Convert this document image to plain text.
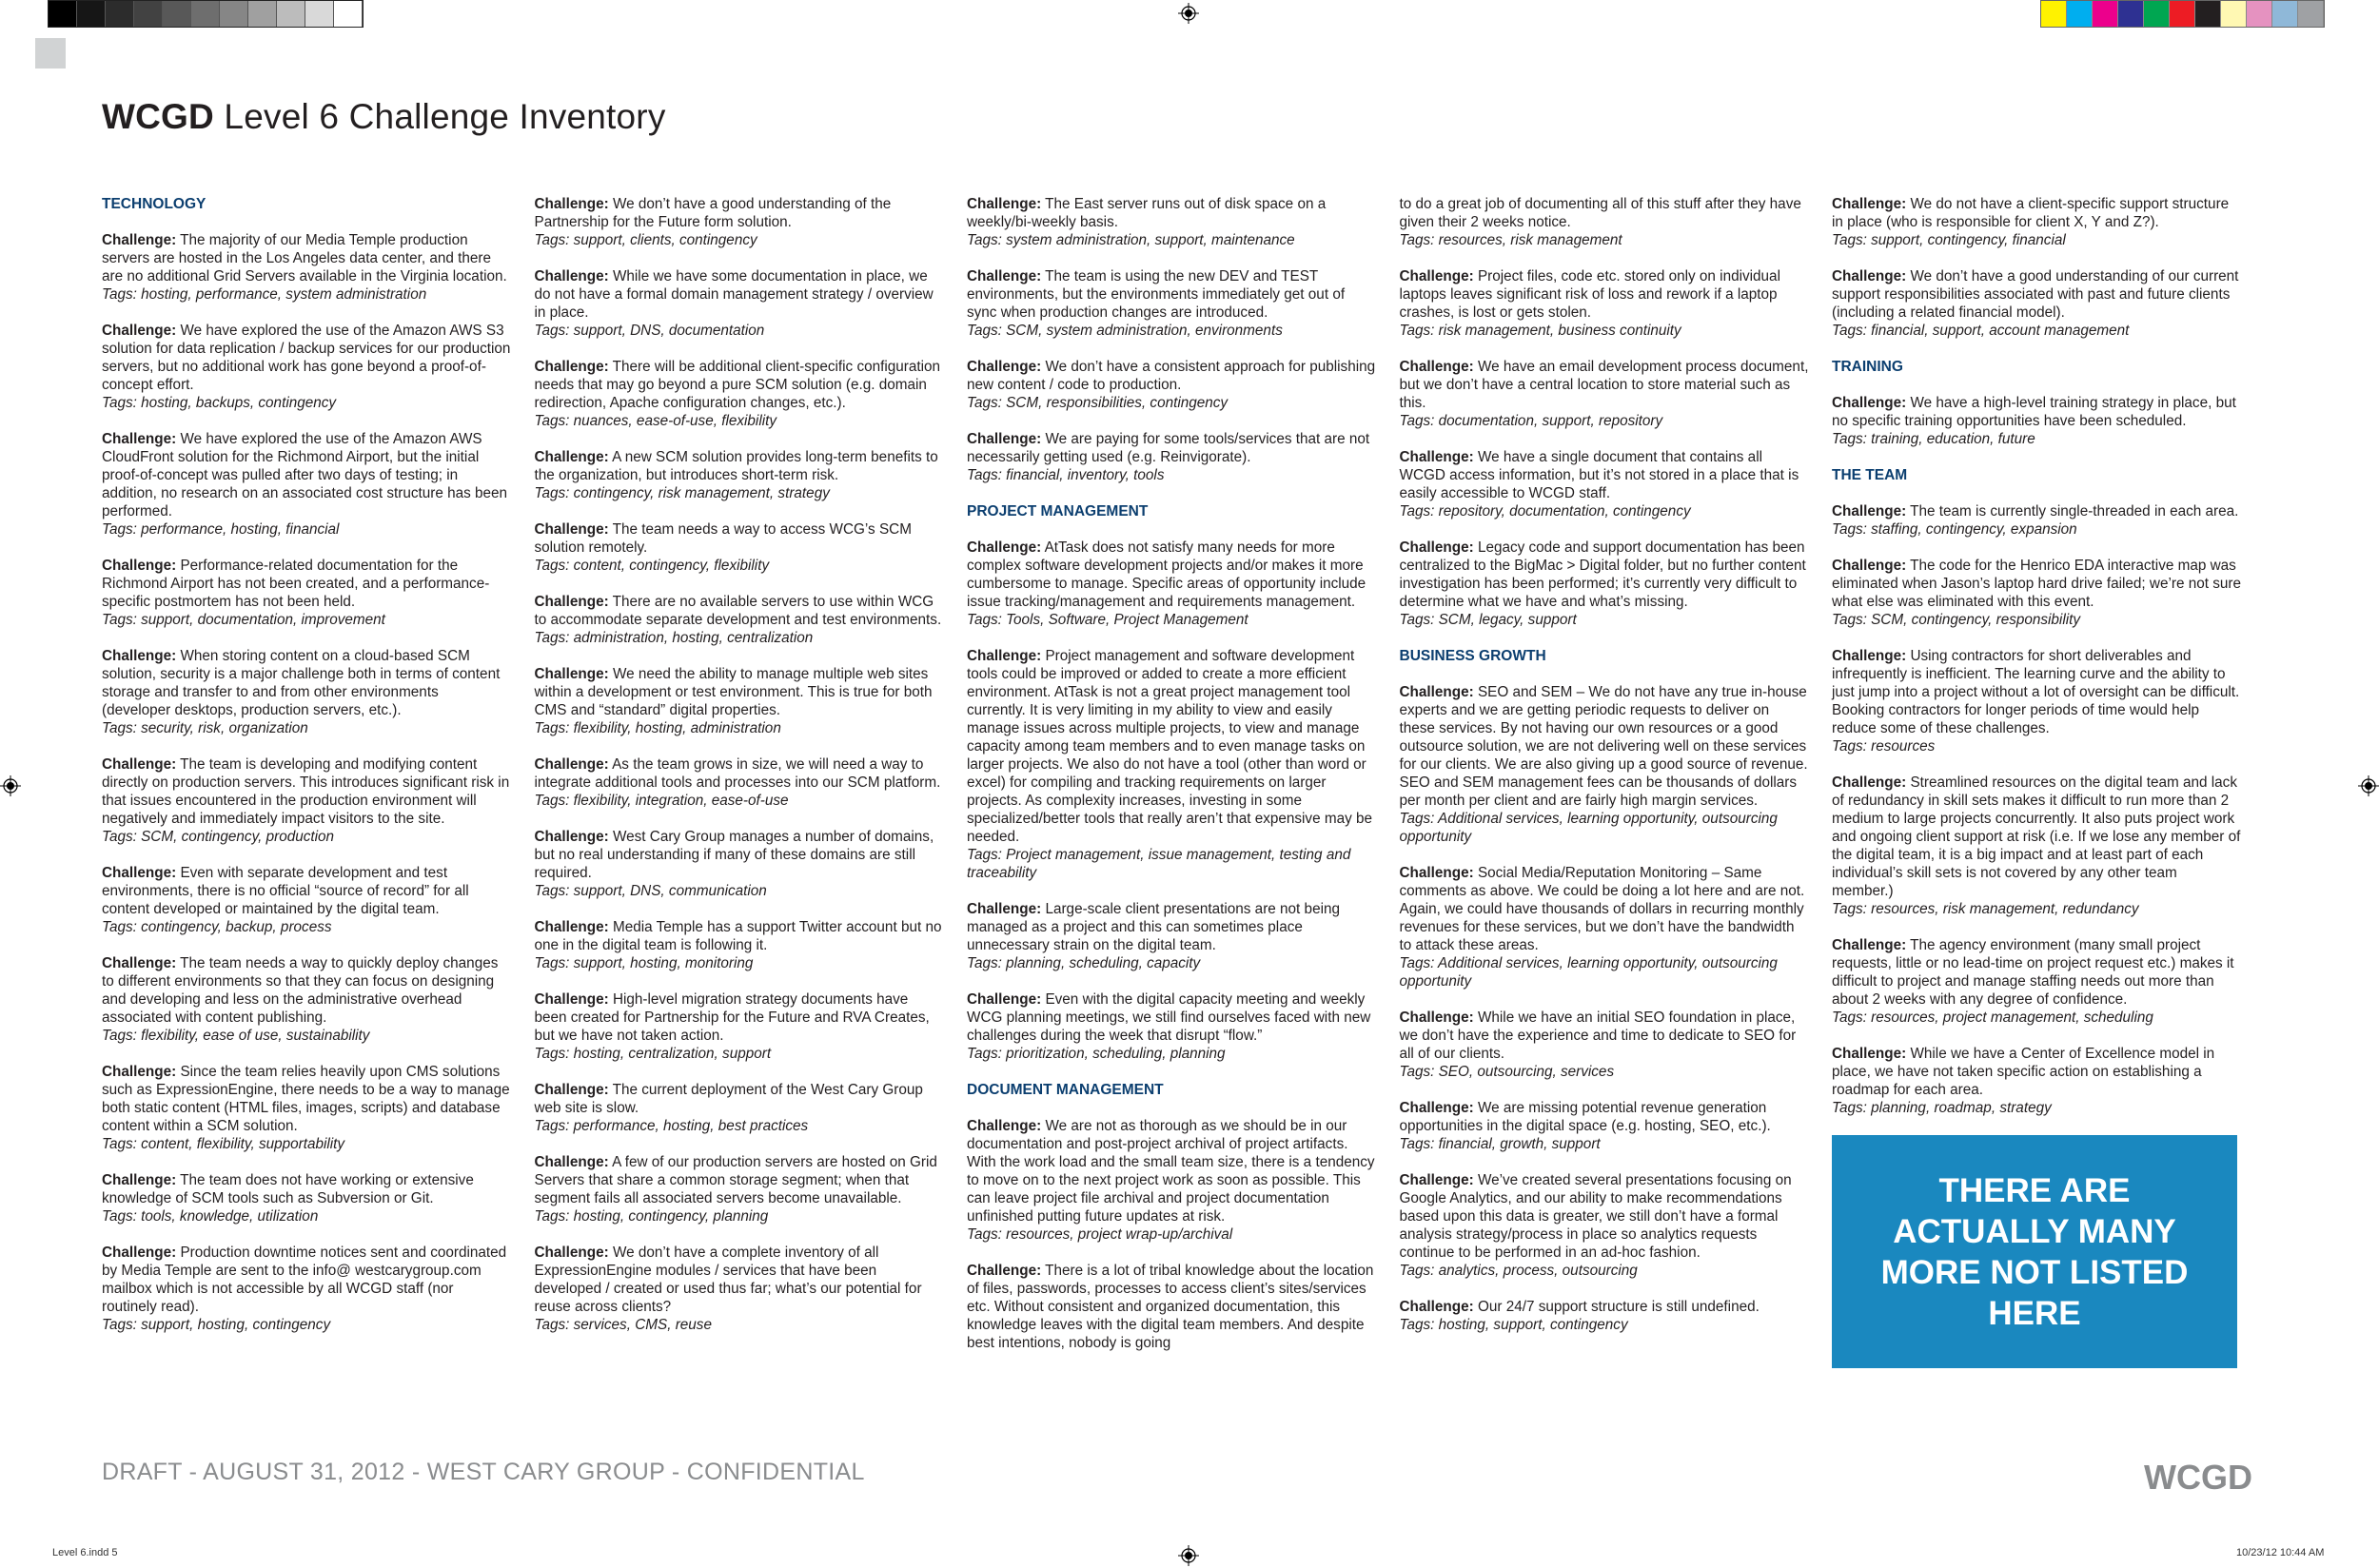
WCGD Level 6 Challenge Inventory
TECHNOLOGY
Challenge: The majority of our Media Temple production servers are hosted in the Los Angeles data center, and there are no additional Grid Servers available in the Virginia location.
Tags: hosting, performance, system administration
Challenge: We have explored the use of the Amazon AWS S3 solution for data replication / backup services for our production servers, but no additional work has gone beyond a proof-of-concept effort.
Tags: hosting, backups, contingency
Challenge: We have explored the use of the Amazon AWS CloudFront solution for the Richmond Airport, but the initial proof-of-concept was pulled after two days of testing; in addition, no research on an associated cost structure has been performed.
Tags: performance, hosting, financial
Challenge: Performance-related documentation for the Richmond Airport has not been created, and a performance-specific postmortem has not been held.
Tags: support, documentation, improvement
Challenge: When storing content on a cloud-based SCM solution, security is a major challenge both in terms of content storage and transfer to and from other environments (developer desktops, production servers, etc.).
Tags: security, risk, organization
Challenge: The team is developing and modifying content directly on production servers. This introduces significant risk in that issues encountered in the production environment will negatively and immediately impact visitors to the site.
Tags: SCM, contingency, production
Challenge: Even with separate development and test environments, there is no official “source of record” for all content developed or maintained by the digital team.
Tags: contingency, backup, process
Challenge: The team needs a way to quickly deploy changes to different environments so that they can focus on designing and developing and less on the administrative overhead associated with content publishing.
Tags: flexibility, ease of use, sustainability
Challenge: Since the team relies heavily upon CMS solutions such as ExpressionEngine, there needs to be a way to manage both static content (HTML files, images, scripts) and database content within a SCM solution.
Tags: content, flexibility, supportability
Challenge: The team does not have working or extensive knowledge of SCM tools such as Subversion or Git.
Tags: tools, knowledge, utilization
Challenge: Production downtime notices sent and coordinated by Media Temple are sent to the info@ westcarygroup.com mailbox which is not accessible by all WCGD staff (nor routinely read).
Tags: support, hosting, contingency
Challenge: We don’t have a good understanding of the Partnership for the Future form solution.
Tags: support, clients, contingency
Challenge: While we have some documentation in place, we do not have a formal domain management strategy / overview in place.
Tags: support, DNS, documentation
Challenge: There will be additional client-specific configuration needs that may go beyond a pure SCM solution (e.g. domain redirection, Apache configuration changes, etc.).
Tags: nuances, ease-of-use, flexibility
Challenge: A new SCM solution provides long-term benefits to the organization, but introduces short-term risk.
Tags: contingency, risk management, strategy
Challenge: The team needs a way to access WCG’s SCM solution remotely.
Tags: content, contingency, flexibility
Challenge: There are no available servers to use within WCG to accommodate separate development and test environments.
Tags: administration, hosting, centralization
Challenge: We need the ability to manage multiple web sites within a development or test environment. This is true for both CMS and “standard” digital properties.
Tags: flexibility, hosting, administration
Challenge: As the team grows in size, we will need a way to integrate additional tools and processes into our SCM platform.
Tags: flexibility, integration, ease-of-use
Challenge: West Cary Group manages a number of domains, but no real understanding if many of these domains are still required.
Tags: support, DNS, communication
Challenge: Media Temple has a support Twitter account but no one in the digital team is following it.
Tags: support, hosting, monitoring
Challenge: High-level migration strategy documents have been created for Partnership for the Future and RVA Creates, but we have not taken action.
Tags: hosting, centralization, support
Challenge: The current deployment of the West Cary Group web site is slow.
Tags: performance, hosting, best practices
Challenge: A few of our production servers are hosted on Grid Servers that share a common storage segment; when that segment fails all associated servers become unavailable.
Tags: hosting, contingency, planning
Challenge: We don’t have a complete inventory of all ExpressionEngine modules / services that have been developed / created or used thus far; what’s our potential for reuse across clients?
Tags: services, CMS, reuse
Challenge: The East server runs out of disk space on a weekly/bi-weekly basis.
Tags: system administration, support, maintenance
Challenge: The team is using the new DEV and TEST environments, but the environments immediately get out of sync when production changes are introduced.
Tags: SCM, system administration, environments
Challenge: We don’t have a consistent approach for publishing new content / code to production.
Tags: SCM, responsibilities, contingency
Challenge: We are paying for some tools/services that are not necessarily getting used (e.g. Reinvigorate).
Tags: financial, inventory, tools
PROJECT MANAGEMENT
Challenge: AtTask does not satisfy many needs for more complex software development projects and/or makes it more cumbersome to manage. Specific areas of opportunity include issue tracking/management and requirements management.
Tags: Tools, Software, Project Management
Challenge: Project management and software development tools could be improved or added to create a more efficient environment. AtTask is not a great project management tool currently. It is very limiting in my ability to view and easily manage issues across multiple projects, to view and manage capacity among team members and to even manage tasks on larger projects. We also do not have a tool (other than word or excel) for compiling and tracking requirements on larger projects. As complexity increases, investing in some specialized/better tools that really aren’t that expensive may be needed.
Tags: Project management, issue management, testing and traceability
Challenge: Large-scale client presentations are not being managed as a project and this can sometimes place unnecessary strain on the digital team.
Tags: planning, scheduling, capacity
Challenge: Even with the digital capacity meeting and weekly WCG planning meetings, we still find ourselves faced with new challenges during the week that disrupt “flow.”
Tags: prioritization, scheduling, planning
DOCUMENT MANAGEMENT
Challenge: We are not as thorough as we should be in our documentation and post-project archival of project artifacts. With the work load and the small team size, there is a tendency to move on to the next project work as soon as possible. This can leave project file archival and project documentation unfinished putting future updates at risk.
Tags: resources, project wrap-up/archival
Challenge: There is a lot of tribal knowledge about the location of files, passwords, processes to access client’s sites/services etc. Without consistent and organized documentation, this knowledge leaves with the digital team members. And despite best intentions, nobody is going
to do a great job of documenting all of this stuff after they have given their 2 weeks notice.
Tags: resources, risk management
Challenge: Project files, code etc. stored only on individual laptops leaves significant risk of loss and rework if a laptop crashes, is lost or gets stolen.
Tags: risk management, business continuity
Challenge: We have an email development process document, but we don’t have a central location to store material such as this.
Tags: documentation, support, repository
Challenge: We have a single document that contains all WCGD access information, but it’s not stored in a place that is easily accessible to WCGD staff.
Tags: repository, documentation, contingency
Challenge: Legacy code and support documentation has been centralized to the BigMac > Digital folder, but no further content investigation has been performed; it’s currently very difficult to determine what we have and what’s missing.
Tags: SCM, legacy, support
BUSINESS GROWTH
Challenge: SEO and SEM – We do not have any true in-house experts and we are getting periodic requests to deliver on these services. By not having our own resources or a good outsource solution, we are not delivering well on these services for our clients. We are also giving up a good source of revenue. SEO and SEM management fees can be thousands of dollars per month per client and are fairly high margin services.
Tags: Additional services, learning opportunity, outsourcing opportunity
Challenge: Social Media/Reputation Monitoring – Same comments as above. We could be doing a lot here and are not. Again, we could have thousands of dollars in recurring monthly revenues for these services, but we don’t have the bandwidth to attack these areas.
Tags: Additional services, learning opportunity, outsourcing opportunity
Challenge: While we have an initial SEO foundation in place, we don’t have the experience and time to dedicate to SEO for all of our clients.
Tags: SEO, outsourcing, services
Challenge: We are missing potential revenue generation opportunities in the digital space (e.g. hosting, SEO, etc.).
Tags: financial, growth, support
Challenge: We’ve created several presentations focusing on Google Analytics, and our ability to make recommendations based upon this data is greater, we still don’t have a formal analysis strategy/process in place so analytics requests continue to be performed in an ad-hoc fashion.
Tags: analytics, process, outsourcing
Challenge: Our 24/7 support structure is still undefined.
Tags: hosting, support, contingency
Challenge: We do not have a client-specific support structure in place (who is responsible for client X, Y and Z?).
Tags: support, contingency, financial
Challenge: We don’t have a good understanding of our current support responsibilities associated with past and future clients (including a related financial model).
Tags: financial, support, account management
TRAINING
Challenge: We have a high-level training strategy in place, but no specific training opportunities have been scheduled.
Tags: training, education, future
THE TEAM
Challenge: The team is currently single-threaded in each area.
Tags: staffing, contingency, expansion
Challenge: The code for the Henrico EDA interactive map was eliminated when Jason’s laptop hard drive failed; we’re not sure what else was eliminated with this event.
Tags: SCM, contingency, responsibility
Challenge: Using contractors for short deliverables and infrequently is inefficient. The learning curve and the ability to just jump into a project without a lot of oversight can be difficult. Booking contractors for longer periods of time would help reduce some of these challenges.
Tags: resources
Challenge: Streamlined resources on the digital team and lack of redundancy in skill sets makes it difficult to run more than 2 medium to large projects concurrently. It also puts project work and ongoing client support at risk (i.e. If we lose any member of the digital team, it is a big impact and at least part of each individual’s skill sets is not covered by any other team member.)
Tags: resources, risk management, redundancy
Challenge: The agency environment (many small project requests, little or no lead-time on project request etc.) makes it difficult to project and manage staffing needs out more than about 2 weeks with any degree of confidence.
Tags: resources, project management, scheduling
Challenge: While we have a Center of Excellence model in place, we have not taken specific action on establishing a roadmap for each area.
Tags: planning, roadmap, strategy
THERE ARE
ACTUALLY MANY
MORE NOT LISTED
HERE
DRAFT - AUGUST 31, 2012 - WEST CARY GROUP - CONFIDENTIAL	WCGD
Level 6.indd 5	10/23/12 10:44 AM
